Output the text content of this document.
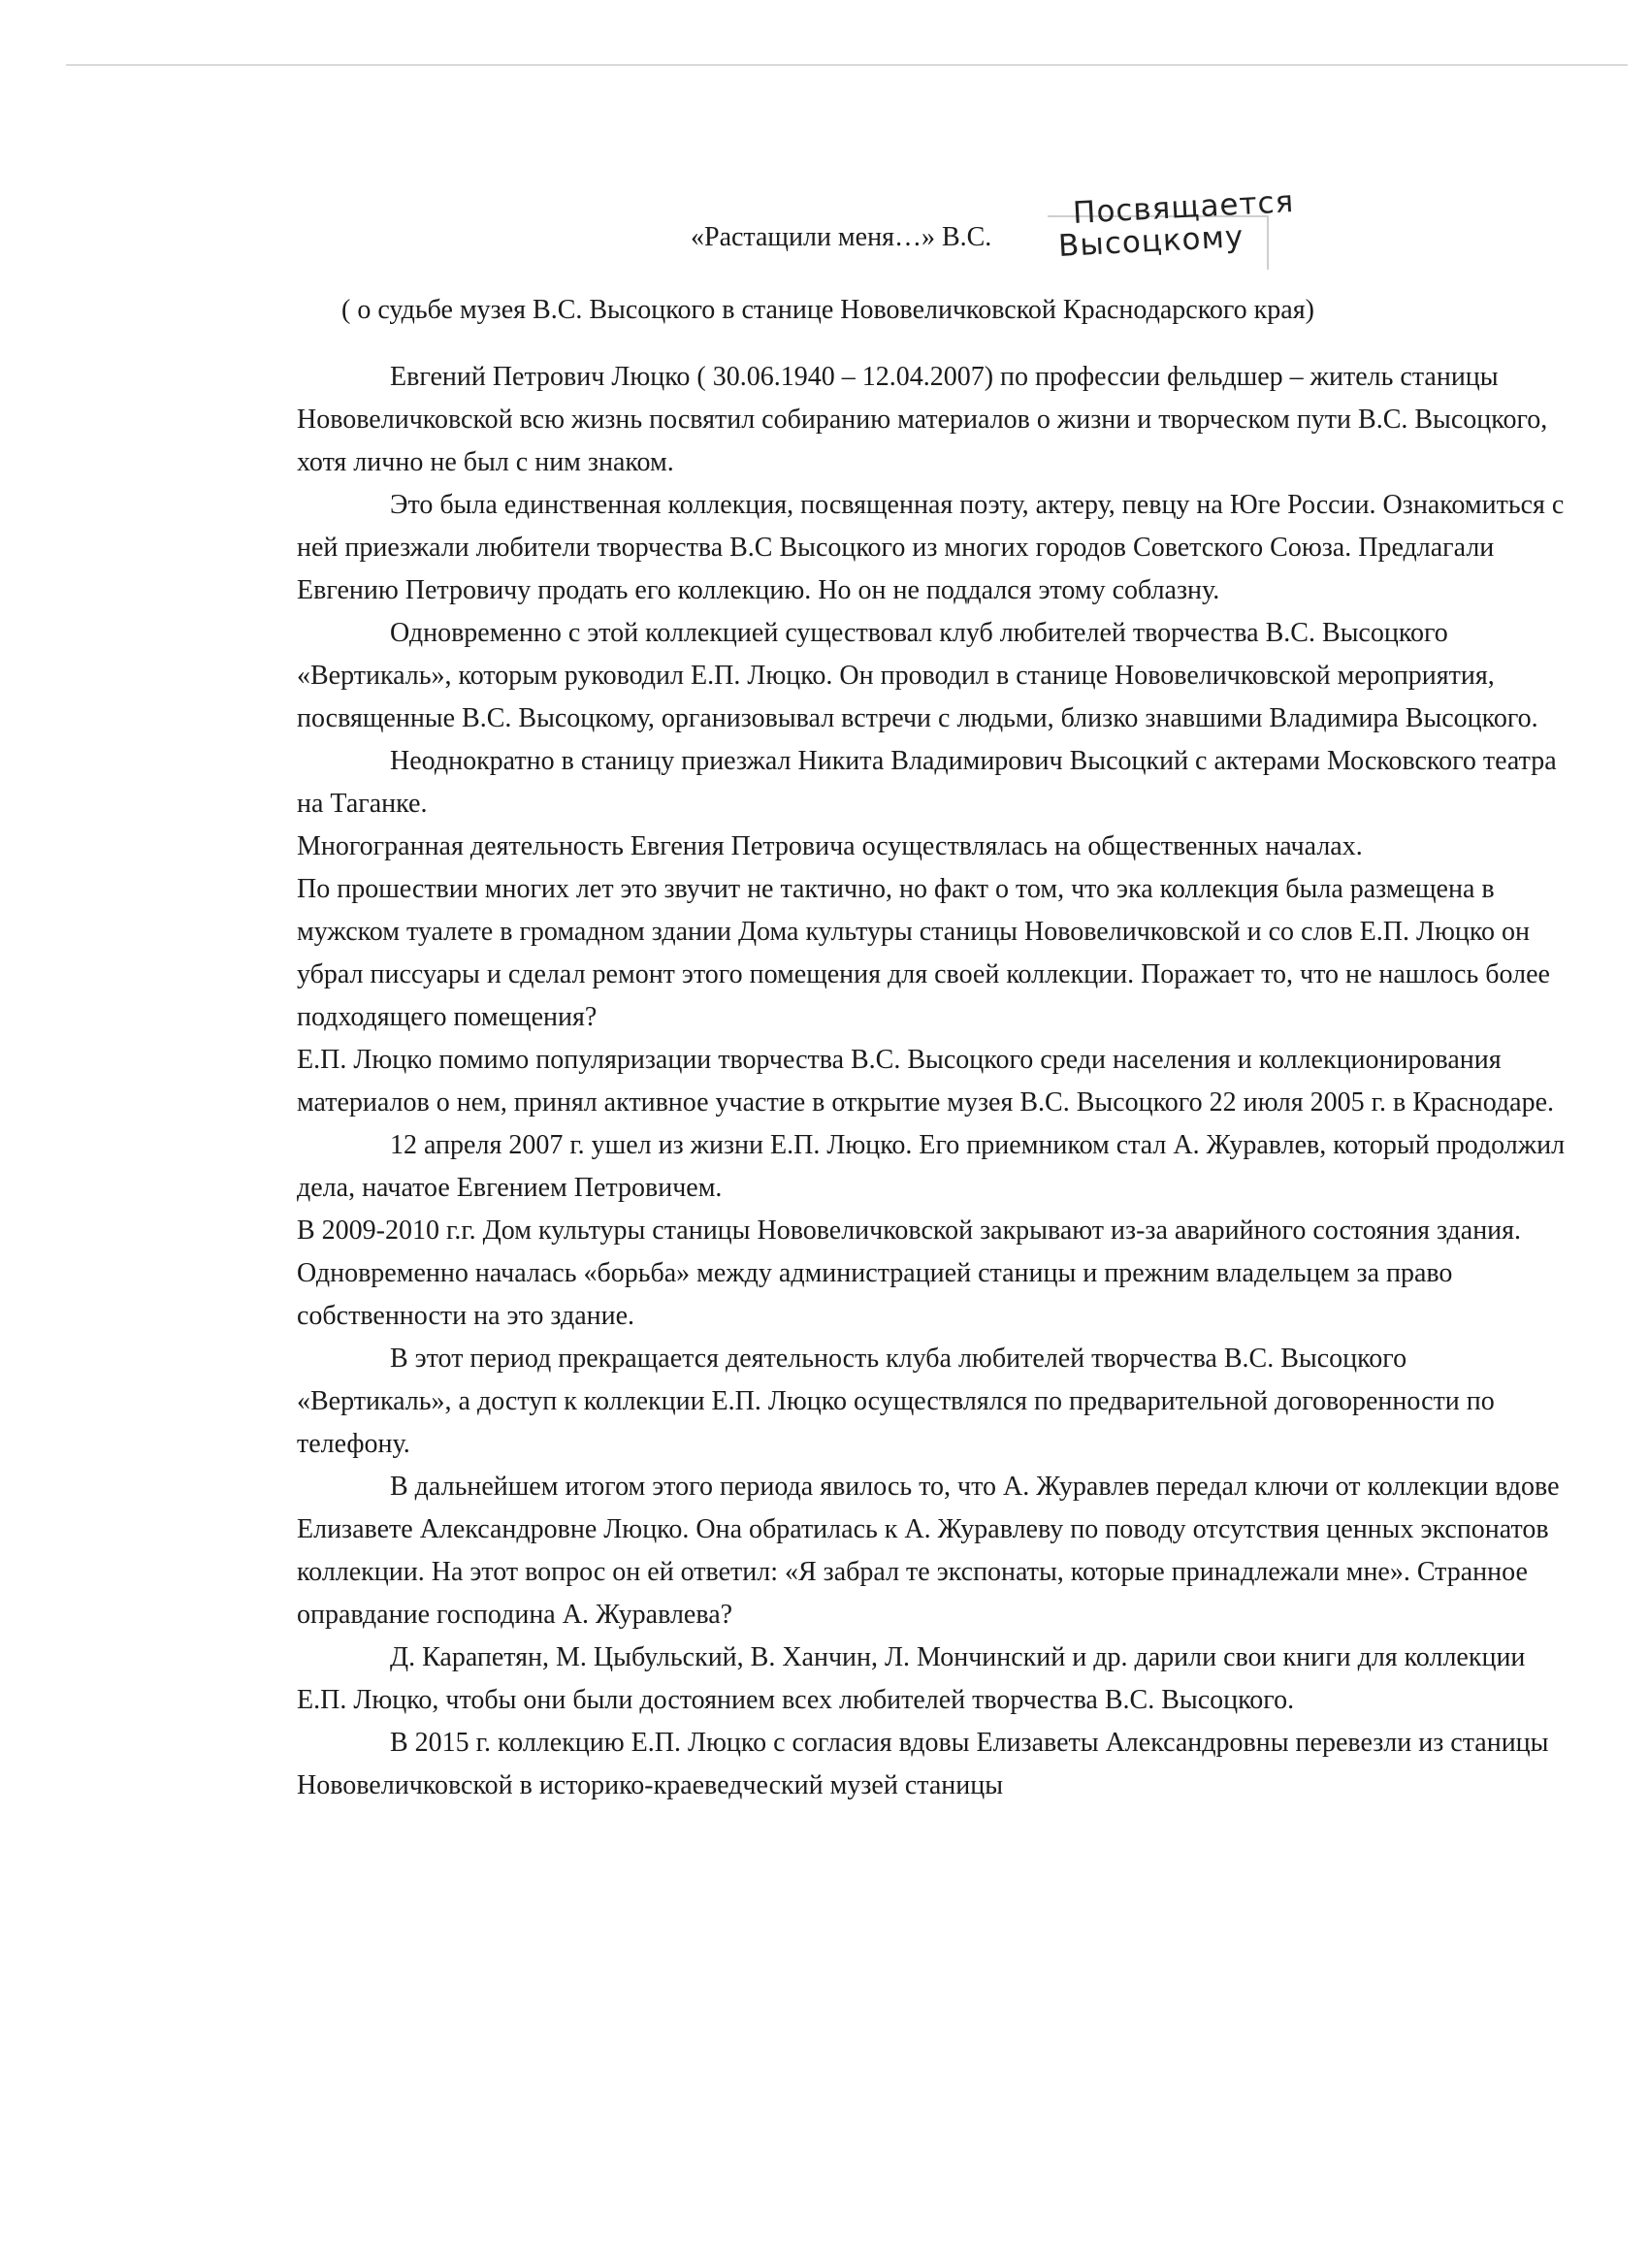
«Растащили меня…» В.С.
Посвящается
Высоцкому
( о судьбе музея В.С. Высоцкого в станице Нововеличковской Краснодарского края)

Евгений Петрович Люцко ( 30.06.1940 – 12.04.2007) по профессии фельдшер – житель станицы Нововеличковской всю жизнь посвятил собиранию материалов о жизни и творческом пути В.С. Высоцкого, хотя лично не был с ним знаком.

Это была единственная коллекция, посвященная поэту, актеру, певцу на Юге России. Ознакомиться с ней приезжали любители творчества В.С Высоцкого из многих городов Советского Союза. Предлагали Евгению Петровичу продать его коллекцию. Но он не поддался этому соблазну.

Одновременно с этой коллекцией существовал клуб любителей творчества В.С. Высоцкого «Вертикаль», которым руководил Е.П. Люцко. Он проводил в станице Нововеличковской мероприятия, посвященные В.С. Высоцкому, организовывал встречи с людьми, близко знавшими Владимира Высоцкого.

Неоднократно в станицу приезжал Никита Владимирович Высоцкий с актерами Московского театра на Таганке.

Многогранная деятельность Евгения Петровича осуществлялась на общественных началах.

По прошествии многих лет это звучит не тактично, но факт о том, что эка коллекция была размещена в мужском туалете в громадном здании Дома культуры станицы Нововеличковской и со слов Е.П. Люцко он убрал писсуары и сделал ремонт этого помещения для своей коллекции. Поражает то, что не нашлось более подходящего помещения?

Е.П. Люцко помимо популяризации творчества В.С. Высоцкого среди населения и коллекционирования материалов о нем, принял активное участие в открытие музея В.С. Высоцкого 22 июля 2005 г. в Краснодаре.

12 апреля 2007 г. ушел из жизни Е.П. Люцко. Его приемником стал А. Журавлев, который продолжил дела, начатое Евгением Петровичем.

В 2009-2010 г.г. Дом культуры станицы Нововеличковской закрывают из-за аварийного состояния здания. Одновременно началась «борьба» между администрацией станицы и прежним владельцем за право собственности на это здание.

В этот период прекращается деятельность клуба любителей творчества В.С. Высоцкого «Вертикаль», а доступ к коллекции Е.П. Люцко осуществлялся по предварительной договоренности по телефону.

В дальнейшем итогом этого периода явилось то, что А. Журавлев передал ключи от коллекции вдове Елизавете Александровне Люцко. Она обратилась к А. Журавлеву по поводу отсутствия ценных экспонатов коллекции. На этот вопрос он ей ответил: «Я забрал те экспонаты, которые принадлежали мне». Странное оправдание господина А. Журавлева?

Д. Карапетян, М. Цыбульский, В. Ханчин, Л. Мончинский и др. дарили свои книги для коллекции Е.П. Люцко, чтобы они были достоянием всех любителей творчества В.С. Высоцкого.

В 2015 г. коллекцию Е.П. Люцко с согласия вдовы Елизаветы Александровны перевезли из станицы Нововеличковской в историко-краеведческий музей станицы
